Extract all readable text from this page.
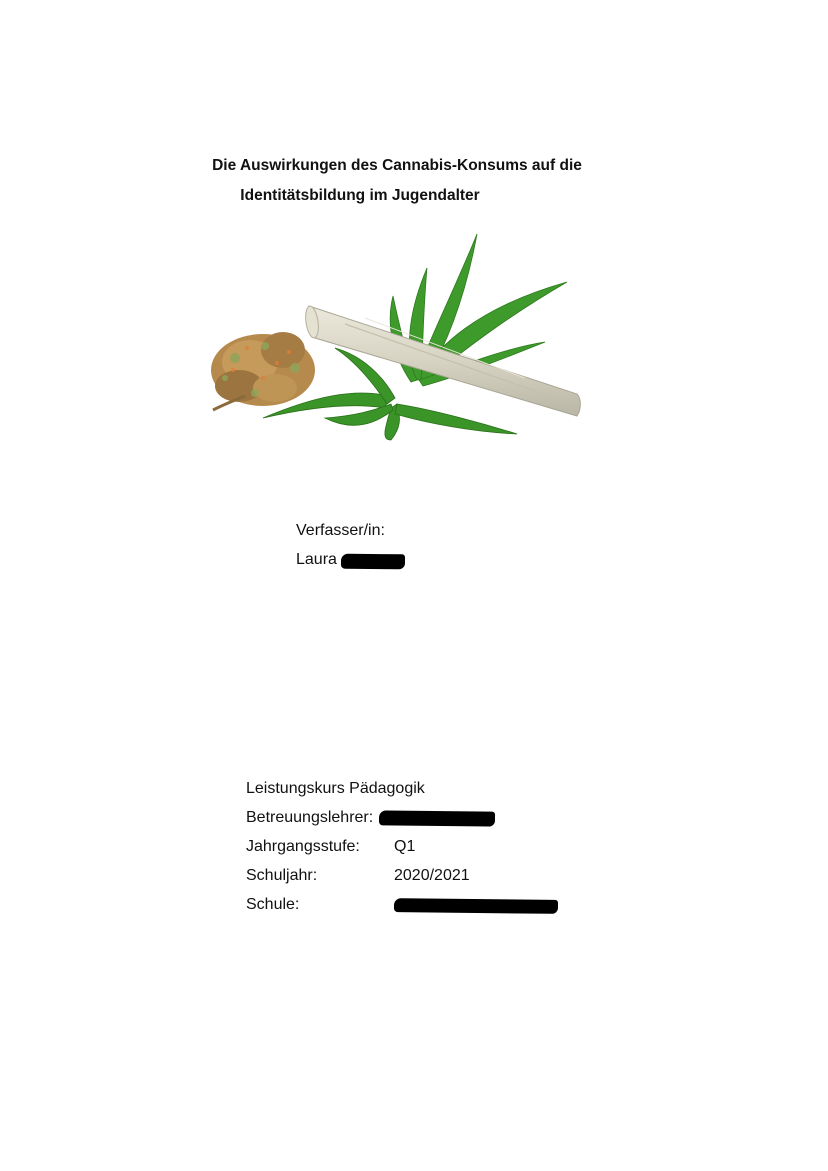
Die Auswirkungen des Cannabis-Konsums auf die
Identitätsbildung im Jugendalter
Verfasser/in:
Laura
Leistungskurs Pädagogik
Betreuungslehrer:
Jahrgangsstufe:	Q1
Schuljahr:	2020/2021
Schule:
